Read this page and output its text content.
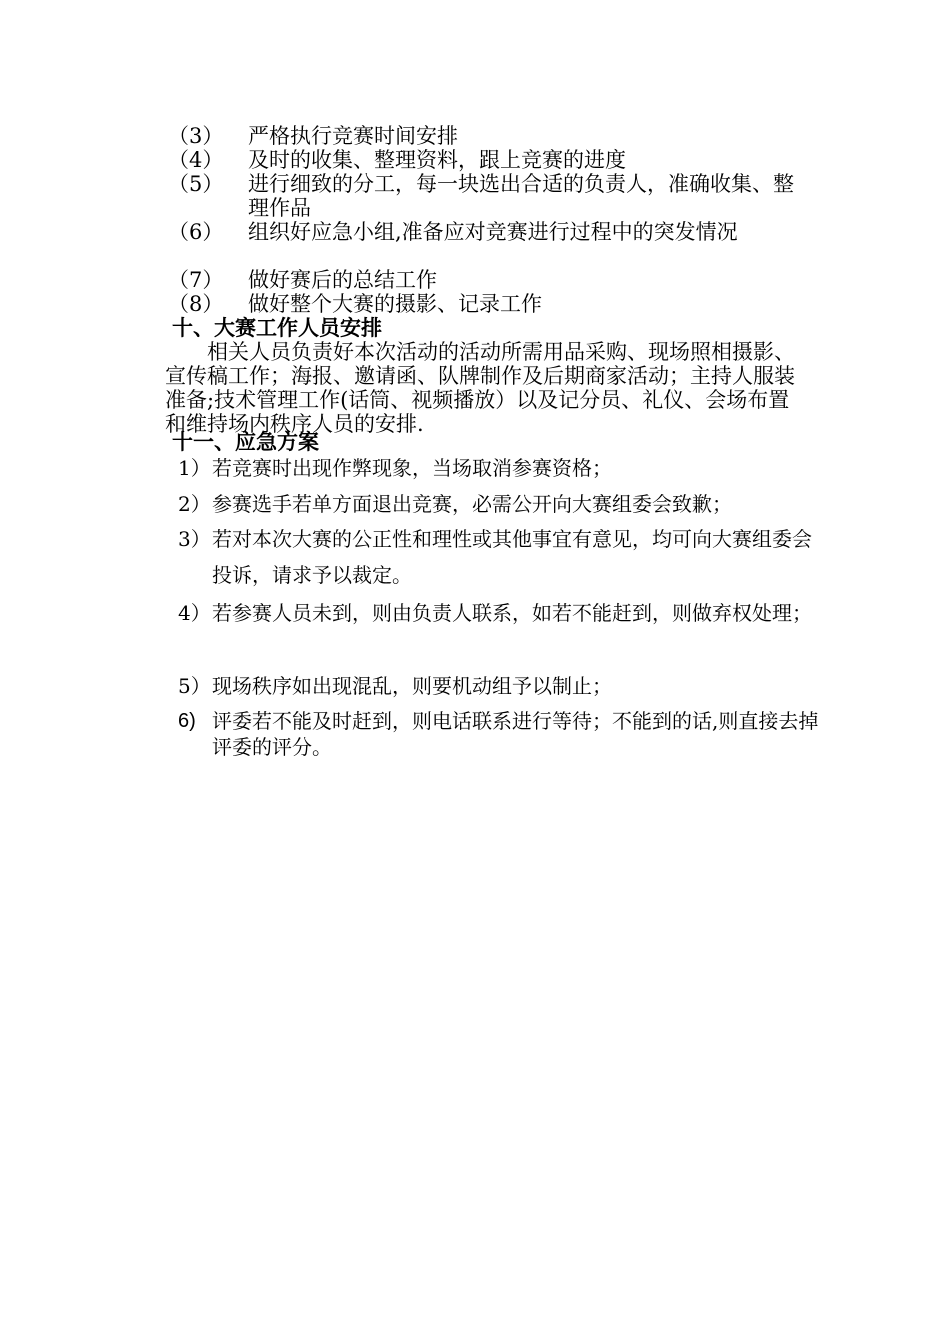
（3）	严格执行竞赛时间安排
（4）	及时的收集、整理资料，跟上竞赛的进度
（5）	进行细致的分工，每一块选出合适的负责人，准确收集、整理作品
（6）	组织好应急小组,准备应对竞赛进行过程中的突发情况
（7）	做好赛后的总结工作
（8）	做好整个大赛的摄影、记录工作
十、大赛工作人员安排
相关人员负责好本次活动的活动所需用品采购、现场照相摄影、宣传稿工作；海报、邀请函、队牌制作及后期商家活动；主持人服装准备;技术管理工作(话筒、视频播放）以及记分员、礼仪、会场布置和维持场内秩序人员的安排.
十一、应急方案
1） 若竞赛时出现作弊现象，当场取消参赛资格；
2） 参赛选手若单方面退出竞赛，必需公开向大赛组委会致歉；
3） 若对本次大赛的公正性和理性或其他事宜有意见，均可向大赛组委会投诉，请求予以裁定。
4） 若参赛人员未到，则由负责人联系，如若不能赶到，则做弃权处理；
5） 现场秩序如出现混乱，则要机动组予以制止；
6) 评委若不能及时赶到，则电话联系进行等待；不能到的话,则直接去掉评委的评分。
